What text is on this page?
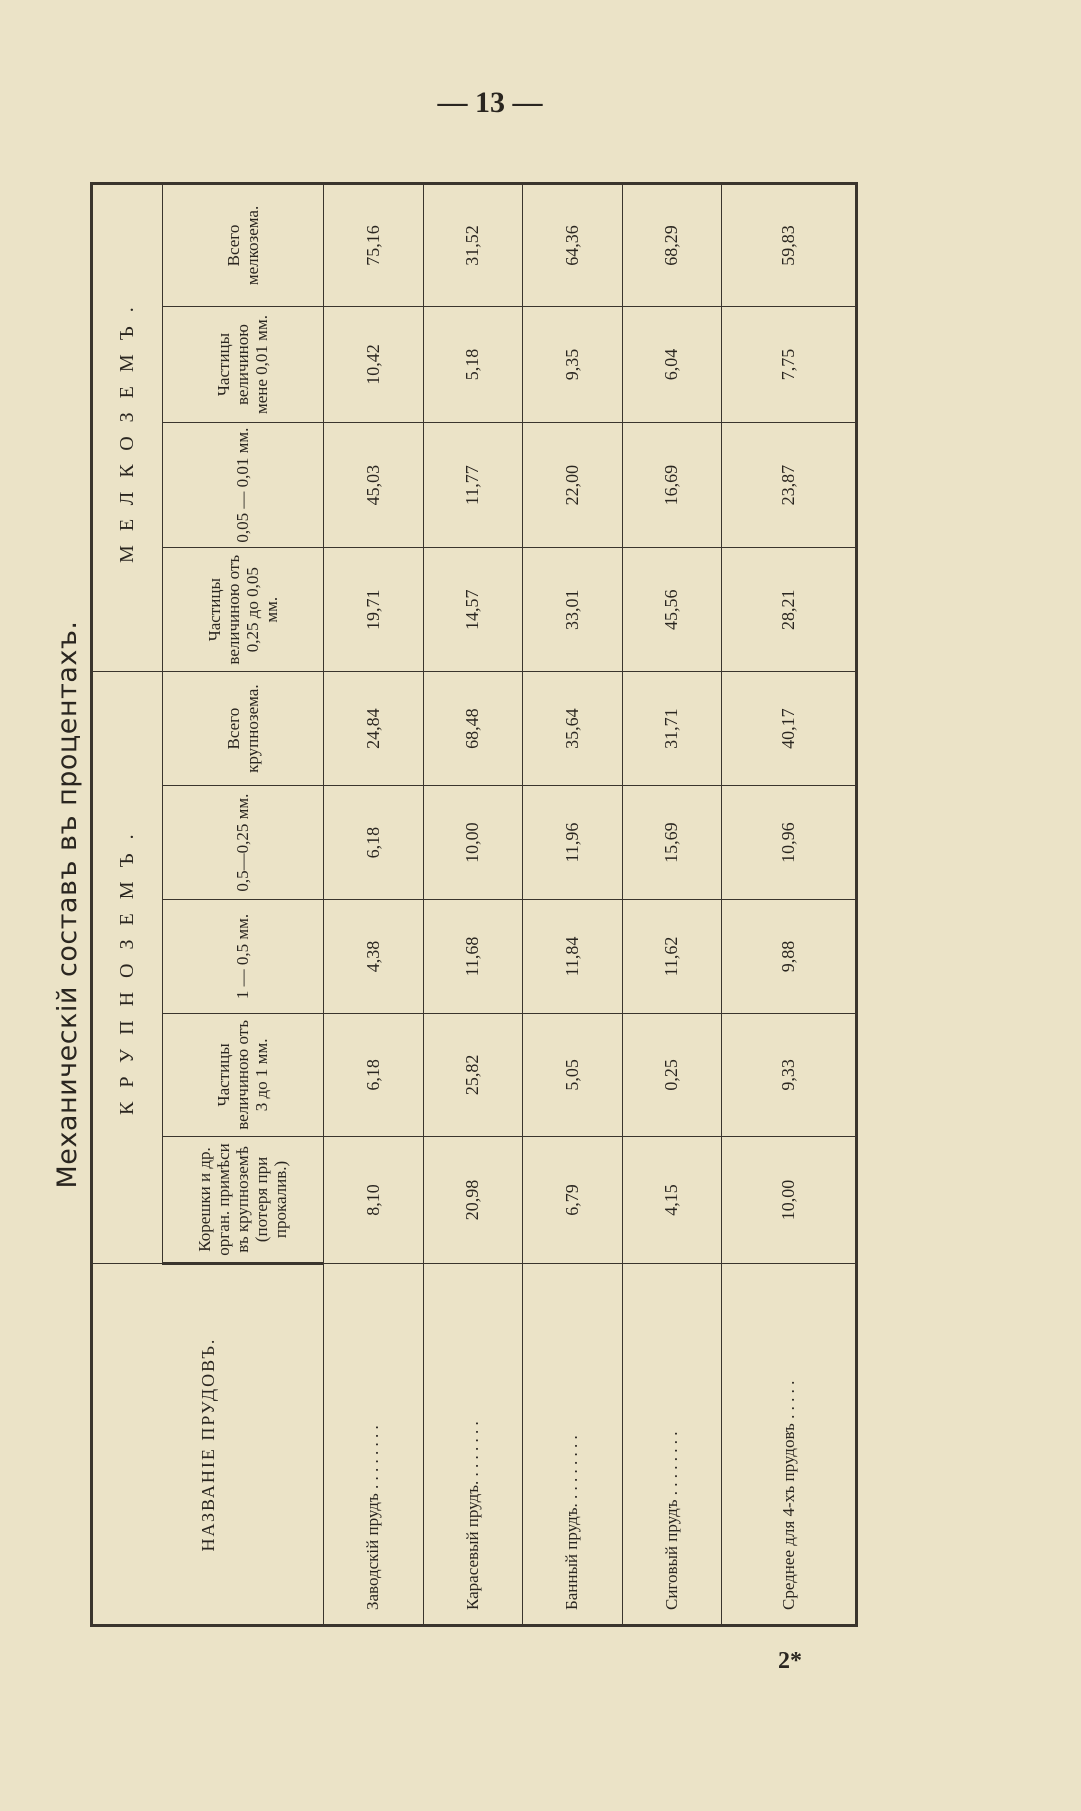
— 13 —
Механическій составъ въ процентахъ.
НАЗВАНІЕ ПРУДОВЪ.	КРУПНОЗЕМЪ.					МЕЛКОЗЕМЪ.			
	Корешки и др. орган. примѣси въ крупноземѣ (потеря при прокалив.)	Частицы величиною отъ 3 до 1 мм.	1 — 0,5 мм.	0,5—0,25 мм.	Всего крупнозема.	Частицы величиною отъ 0,25 до 0,05 мм.	0,05 — 0,01 мм.	Частицы величиною мене 0,01 мм.	Всего мелкозема.
Заводскій прудъ . . . . . . . .	8,10	6,18	4,38	6,18	24,84	19,71	45,03	10,42	75,16
Карасевый прудъ. . . . . . . .	20,98	25,82	11,68	10,00	68,48	14,57	11,77	5,18	31,52
Банный прудъ. . . . . . . . .	6,79	5,05	11,84	11,96	35,64	33,01	22,00	9,35	64,36
Сиговый прудъ . . . . . . . .	4,15	0,25	11,62	15,69	31,71	45,56	16,69	6,04	68,29
Среднее для 4-хъ прудовъ . . . . .	10,00	9,33	9,88	10,96	40,17	28,21	23,87	7,75	59,83
2*
